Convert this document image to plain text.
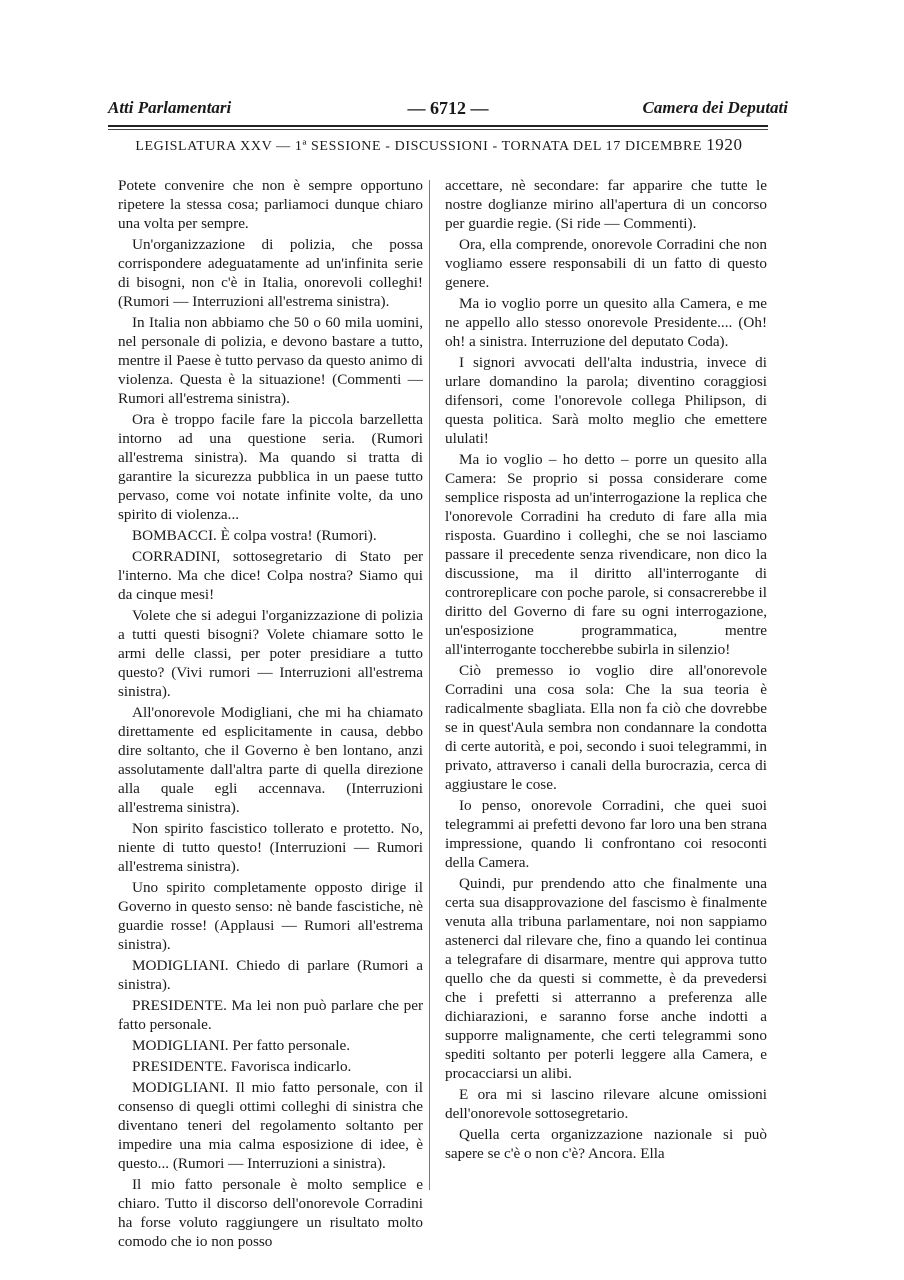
Atti Parlamentari	— 6712 —	Camera dei Deputati
LEGISLATURA XXV — 1ª SESSIONE - DISCUSSIONI - TORNATA DEL 17 DICEMBRE 1920

Potete convenire che non è sempre opportuno ripetere la stessa cosa; parliamoci dunque chiaro una volta per sempre.

Un'organizzazione di polizia, che possa corrispondere adeguatamente ad un'infinita serie di bisogni, non c'è in Italia, onorevoli colleghi! (Rumori — Interruzioni all'estrema sinistra).

In Italia non abbiamo che 50 o 60 mila uomini, nel personale di polizia, e devono bastare a tutto, mentre il Paese è tutto pervaso da questo animo di violenza. Questa è la situazione! (Commenti — Rumori all'estrema sinistra).

Ora è troppo facile fare la piccola barzelletta intorno ad una questione seria. (Rumori all'estrema sinistra). Ma quando si tratta di garantire la sicurezza pubblica in un paese tutto pervaso, come voi notate infinite volte, da uno spirito di violenza...

BOMBACCI. È colpa vostra! (Rumori).

CORRADINI, sottosegretario di Stato per l'interno. Ma che dice! Colpa nostra? Siamo qui da cinque mesi!

Volete che si adegui l'organizzazione di polizia a tutti questi bisogni? Volete chiamare sotto le armi delle classi, per poter presidiare a tutto questo? (Vivi rumori — Interruzioni all'estrema sinistra).

All'onorevole Modigliani, che mi ha chiamato direttamente ed esplicitamente in causa, debbo dire soltanto, che il Governo è ben lontano, anzi assolutamente dall'altra parte di quella direzione alla quale egli accennava. (Interruzioni all'estrema sinistra).

Non spirito fascistico tollerato e protetto. No, niente di tutto questo! (Interruzioni — Rumori all'estrema sinistra).

Uno spirito completamente opposto dirige il Governo in questo senso: nè bande fascistiche, nè guardie rosse! (Applausi — Rumori all'estrema sinistra).

MODIGLIANI. Chiedo di parlare (Rumori a sinistra).

PRESIDENTE. Ma lei non può parlare che per fatto personale.

MODIGLIANI. Per fatto personale.

PRESIDENTE. Favorisca indicarlo.

MODIGLIANI. Il mio fatto personale, con il consenso di quegli ottimi colleghi di sinistra che diventano teneri del regolamento soltanto per impedire una mia calma esposizione di idee, è questo... (Rumori — Interruzioni a sinistra).

Il mio fatto personale è molto semplice e chiaro. Tutto il discorso dell'onorevole Corradini ha forse voluto raggiungere un risultato molto comodo che io non posso

accettare, nè secondare: far apparire che tutte le nostre doglianze mirino all'apertura di un concorso per guardie regie. (Si ride — Commenti).

Ora, ella comprende, onorevole Corradini che non vogliamo essere responsabili di un fatto di questo genere.

Ma io voglio porre un quesito alla Camera, e me ne appello allo stesso onorevole Presidente.... (Oh! oh! a sinistra. Interruzione del deputato Coda).

I signori avvocati dell'alta industria, invece di urlare domandino la parola; diventino coraggiosi difensori, come l'onorevole collega Philipson, di questa politica. Sarà molto meglio che emettere ululati!

Ma io voglio – ho detto – porre un quesito alla Camera: Se proprio si possa considerare come semplice risposta ad un'interrogazione la replica che l'onorevole Corradini ha creduto di fare alla mia risposta. Guardino i colleghi, che se noi lasciamo passare il precedente senza rivendicare, non dico la discussione, ma il diritto all'interrogante di controreplicare con poche parole, si consacrerebbe il diritto del Governo di fare su ogni interrogazione, un'esposizione programmatica, mentre all'interrogante toccherebbe subirla in silenzio!

Ciò premesso io voglio dire all'onorevole Corradini una cosa sola: Che la sua teoria è radicalmente sbagliata. Ella non fa ciò che dovrebbe se in quest'Aula sembra non condannare la condotta di certe autorità, e poi, secondo i suoi telegrammi, in privato, attraverso i canali della burocrazia, cerca di aggiustare le cose.

Io penso, onorevole Corradini, che quei suoi telegrammi ai prefetti devono far loro una ben strana impressione, quando li confrontano coi resoconti della Camera.

Quindi, pur prendendo atto che finalmente una certa sua disapprovazione del fascismo è finalmente venuta alla tribuna parlamentare, noi non sappiamo astenerci dal rilevare che, fino a quando lei continua a telegrafare di disarmare, mentre qui approva tutto quello che da questi si commette, è da prevedersi che i prefetti si atterranno a preferenza alle dichiarazioni, e saranno forse anche indotti a supporre malignamente, che certi telegrammi sono spediti soltanto per poterli leggere alla Camera, e procacciarsi un alibi.

E ora mi si lascino rilevare alcune omissioni dell'onorevole sottosegretario.

Quella certa organizzazione nazionale si può sapere se c'è o non c'è? Ancora. Ella
